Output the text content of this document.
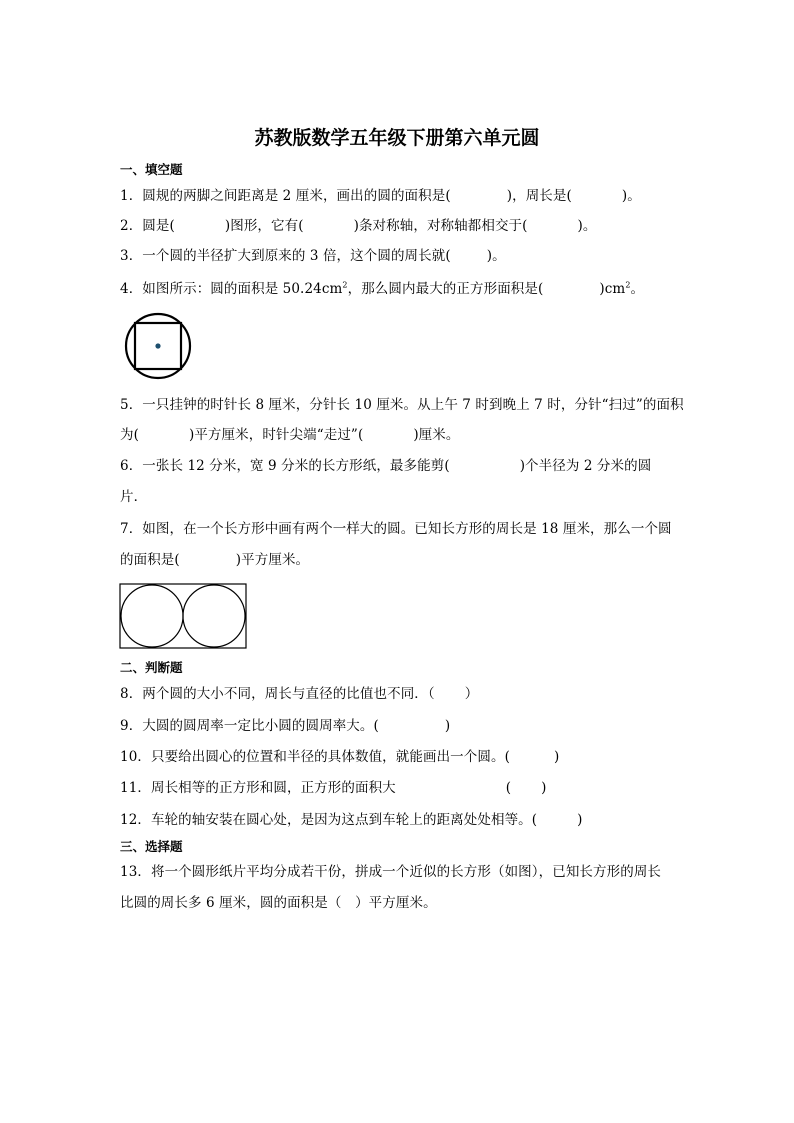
苏教版数学五年级下册第六单元圆
一、填空题
1．圆规的两脚之间距离是 2 厘米，画出的圆的面积是(	)，周长是(	)。
2．圆是(	)图形，它有(	)条对称轴，对称轴都相交于(	)。
3．一个圆的半径扩大到原来的 3 倍，这个圆的周长就(	)。
4．如图所示：圆的面积是 $50.24cm^2$，那么圆内最大的正方形面积是(	)$cm^2$。
5．一只挂钟的时针长 8 厘米，分针长 10 厘米。从上午 7 时到晚上 7 时，分针“扫过”的面积
为(	)平方厘米，时针尖端“走过”(	)厘米。
6．一张长 12 分米，宽 9 分米的长方形纸，最多能剪(	)个半径为 2 分米的圆
片．
7．如图，在一个长方形中画有两个一样大的圆。已知长方形的周长是 18 厘米，那么一个圆
的面积是(	)平方厘米。
二、判断题
8．两个圆的大小不同，周长与直径的比值也不同．（ ）
9．大圆的圆周率一定比小圆的圆周率大。(	)
10．只要给出圆心的位置和半径的具体数值，就能画出一个圆。(	)
11．周长相等的正方形和圆，正方形的面积大	( )
12．车轮的轴安装在圆心处，是因为这点到车轮上的距离处处相等。(	)
三、选择题
13．将一个圆形纸片平均分成若干份，拼成一个近似的长方形（如图），已知长方形的周长
比圆的周长多 6 厘米，圆的面积是（　）平方厘米。
